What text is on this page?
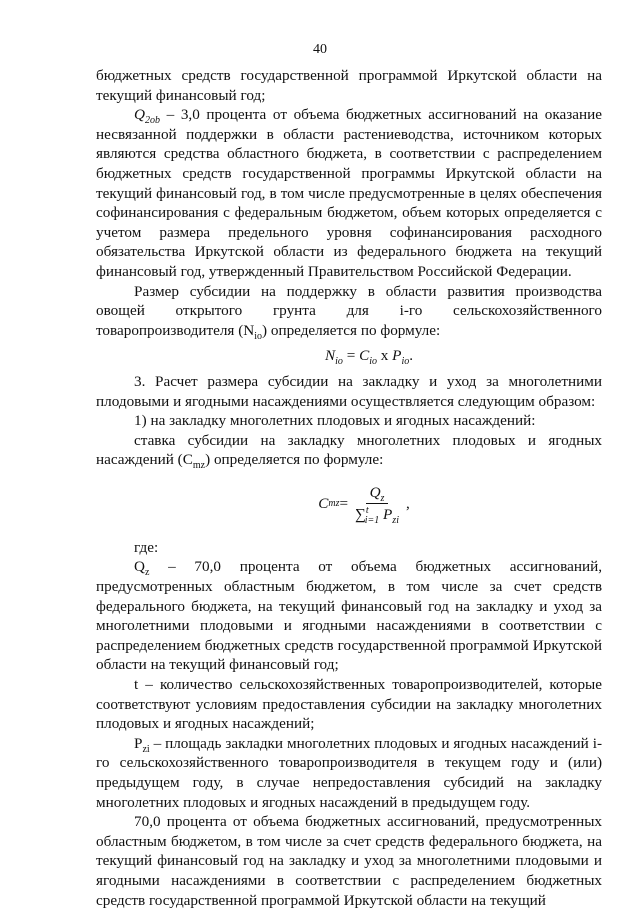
40

бюджетных средств государственной программой Иркутской области на текущий финансовый год;

$Q_{2ob} - 3,0$ процента от объема бюджетных ассигнований на оказание несвязанной поддержки в области растениеводства, источником которых являются средства областного бюджета, в соответствии с распределением бюджетных средств государственной программы Иркутской области на текущий финансовый год, в том числе предусмотренные в целях обеспечения софинансирования с федеральным бюджетом, объем которых определяется с учетом размера предельного уровня софинансирования расходного обязательства Иркутской области из федерального бюджета на текущий финансовый год, утвержденный Правительством Российской Федерации.

Размер субсидии на поддержку в области развития производства овощей открытого грунта для i-го сельскохозяйственного товаропроизводителя $(N_{io})$ определяется по формуле:

$N_{io} = C_{io}$ x $P_{io}$.

3. Расчет размера субсидии на закладку и уход за многолетними плодовыми и ягодными насаждениями осуществляется следующим образом:

1) на закладку многолетних плодовых и ягодных насаждений:

ставка субсидии на закладку многолетних плодовых и ягодных насаждений $(С_{mz})$ определяется по формуле:

C mz = $\frac{Q_z}{\sum^t_{i=1} P_{zi}}$ ,

где:

$Q_z - 70,0$ процента от объема бюджетных ассигнований, предусмотренных областным бюджетом, в том числе за счет средств федерального бюджета, на текущий финансовый год на закладку и уход за многолетними плодовыми и ягодными насаждениями в соответствии с распределением бюджетных средств государственной программой Иркутской области на текущий финансовый год;

t – количество сельскохозяйственных товаропроизводителей, которые соответствуют условиям предоставления субсидии на закладку многолетних плодовых и ягодных насаждений;

$P_{zi}$ – площадь закладки многолетних плодовых и ягодных насаждений i-го сельскохозяйственного товаропроизводителя в текущем году и (или) предыдущем году, в случае непредоставления субсидий на закладку многолетних плодовых и ягодных насаждений в предыдущем году.

70,0 процента от объема бюджетных ассигнований, предусмотренных областным бюджетом, в том числе за счет средств федерального бюджета, на текущий финансовый год на закладку и уход за многолетними плодовыми и ягодными насаждениями в соответствии с распределением бюджетных средств государственной программой Иркутской области на текущий
